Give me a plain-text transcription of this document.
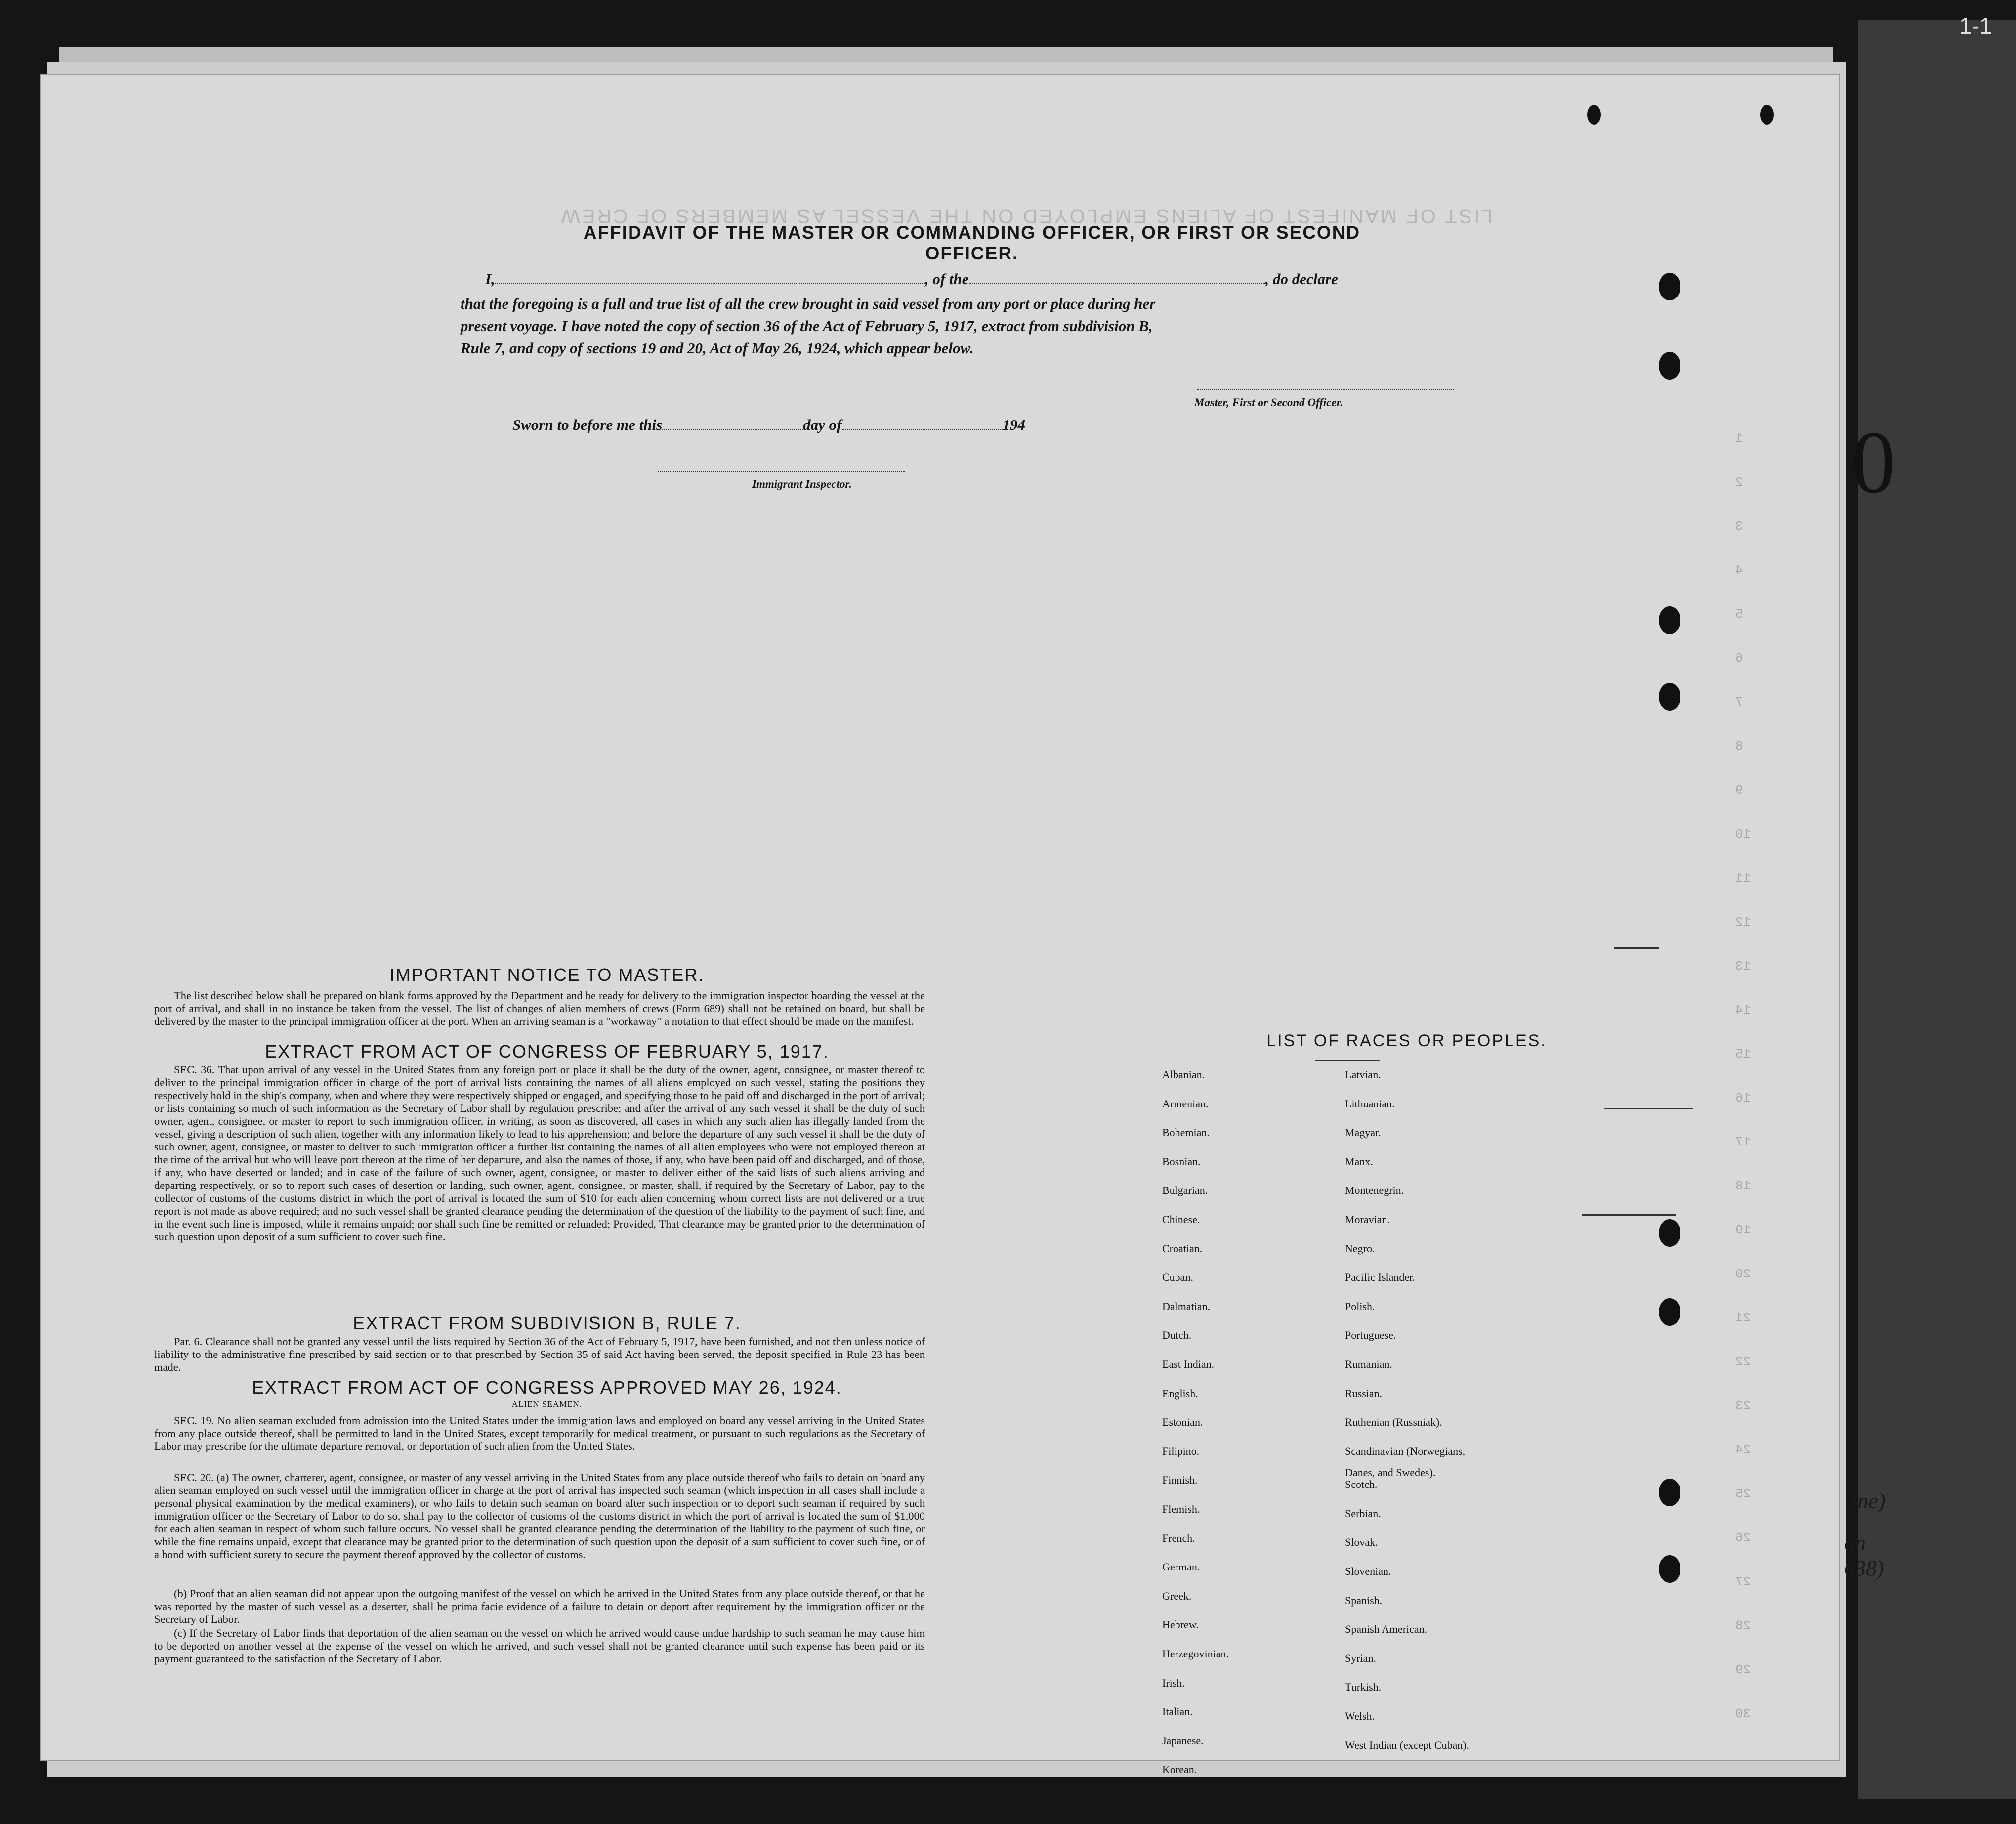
1-1
LIST OF MANIFEST OF ALIENS EMPLOYED ON THE VESSEL AS MEMBERS OF CREW
1
2
3
4
5
6
7
8
9
10
11
12
13
14
15
16
17
18
19
20
21
22
23
24
25
26
27
28
29
30
0
ine)
on 638)
AFFIDAVIT OF THE MASTER OR COMMANDING OFFICER, OR FIRST OR SECOND OFFICER.
I,	, of the	, do declare
that the foregoing is a full and true list of all the crew brought in said vessel from any port or place during her
present voyage. I have noted the copy of section 36 of the Act of February 5, 1917, extract from subdivision B,
Rule 7, and copy of sections 19 and 20, Act of May 26, 1924, which appear below.
Master, First or Second Officer.
Sworn to before me this	day of	194
Immigrant Inspector.
IMPORTANT NOTICE TO MASTER.
The list described below shall be prepared on blank forms approved by the Department and be ready for delivery to the immigration inspector boarding the vessel at the port of arrival, and shall in no instance be taken from the vessel. The list of changes of alien members of crews (Form 689) shall not be retained on board, but shall be delivered by the master to the principal immigration officer at the port. When an arriving seaman is a "workaway" a notation to that effect should be made on the manifest.
EXTRACT FROM ACT OF CONGRESS OF FEBRUARY 5, 1917.
SEC. 36. That upon arrival of any vessel in the United States from any foreign port or place it shall be the duty of the owner, agent, consignee, or master thereof to deliver to the principal immigration officer in charge of the port of arrival lists containing the names of all aliens employed on such vessel, stating the positions they respectively hold in the ship's company, when and where they were respectively shipped or engaged, and specifying those to be paid off and discharged in the port of arrival; or lists containing so much of such information as the Secretary of Labor shall by regulation prescribe; and after the arrival of any such vessel it shall be the duty of such owner, agent, consignee, or master to report to such immigration officer, in writing, as soon as discovered, all cases in which any such alien has illegally landed from the vessel, giving a description of such alien, together with any information likely to lead to his apprehension; and before the departure of any such vessel it shall be the duty of such owner, agent, consignee, or master to deliver to such immigration officer a further list containing the names of all alien employees who were not employed thereon at the time of the arrival but who will leave port thereon at the time of her departure, and also the names of those, if any, who have been paid off and discharged, and of those, if any, who have deserted or landed; and in case of the failure of such owner, agent, consignee, or master to deliver either of the said lists of such aliens arriving and departing respectively, or so to report such cases of desertion or landing, such owner, agent, consignee, or master, shall, if required by the Secretary of Labor, pay to the collector of customs of the customs district in which the port of arrival is located the sum of $10 for each alien concerning whom correct lists are not delivered or a true report is not made as above required; and no such vessel shall be granted clearance pending the determination of the question of the liability to the payment of such fine, and in the event such fine is imposed, while it remains unpaid; nor shall such fine be remitted or refunded; Provided, That clearance may be granted prior to the determination of such question upon deposit of a sum sufficient to cover such fine.
EXTRACT FROM SUBDIVISION B, RULE 7.
Par. 6. Clearance shall not be granted any vessel until the lists required by Section 36 of the Act of February 5, 1917, have been furnished, and not then unless notice of liability to the administrative fine prescribed by said section or to that prescribed by Section 35 of said Act having been served, the deposit specified in Rule 23 has been made.
EXTRACT FROM ACT OF CONGRESS APPROVED MAY 26, 1924.
ALIEN SEAMEN.
SEC. 19. No alien seaman excluded from admission into the United States under the immigration laws and employed on board any vessel arriving in the United States from any place outside thereof, shall be permitted to land in the United States, except temporarily for medical treatment, or pursuant to such regulations as the Secretary of Labor may prescribe for the ultimate departure removal, or deportation of such alien from the United States.
SEC. 20. (a) The owner, charterer, agent, consignee, or master of any vessel arriving in the United States from any place outside thereof who fails to detain on board any alien seaman employed on such vessel until the immigration officer in charge at the port of arrival has inspected such seaman (which inspection in all cases shall include a personal physical examination by the medical examiners), or who fails to detain such seaman on board after such inspection or to deport such seaman if required by such immigration officer or the Secretary of Labor to do so, shall pay to the collector of customs of the customs district in which the port of arrival is located the sum of $1,000 for each alien seaman in respect of whom such failure occurs. No vessel shall be granted clearance pending the determination of the liability to the payment of such fine, or while the fine remains unpaid, except that clearance may be granted prior to the determination of such question upon the deposit of a sum sufficient to cover such fine, or of a bond with sufficient surety to secure the payment thereof approved by the collector of customs.
(b) Proof that an alien seaman did not appear upon the outgoing manifest of the vessel on which he arrived in the United States from any place outside thereof, or that he was reported by the master of such vessel as a deserter, shall be prima facie evidence of a failure to detain or deport after requirement by the immigration officer or the Secretary of Labor.
(c) If the Secretary of Labor finds that deportation of the alien seaman on the vessel on which he arrived would cause undue hardship to such seaman he may cause him to be deported on another vessel at the expense of the vessel on which he arrived, and such vessel shall not be granted clearance until such expense has been paid or its payment guaranteed to the satisfaction of the Secretary of Labor.
LIST OF RACES OR PEOPLES.
Albanian.
Armenian.
Bohemian.
Bosnian.
Bulgarian.
Chinese.
Croatian.
Cuban.
Dalmatian.
Dutch.
East Indian.
English.
Estonian.
Filipino.
Finnish.
Flemish.
French.
German.
Greek.
Hebrew.
Herzegovinian.
Irish.
Italian.
Japanese.
Korean.
Latvian.
Lithuanian.
Magyar.
Manx.
Montenegrin.
Moravian.
Negro.
Pacific Islander.
Polish.
Portuguese.
Rumanian.
Russian.
Ruthenian (Russniak).
Scandinavian (Norwegians,
Scotch.
Serbian.
Slovak.
Slovenian.
Spanish.
Spanish American.
Syrian.
Turkish.
Welsh.
West Indian (except Cuban).
Danes, and Swedes).
